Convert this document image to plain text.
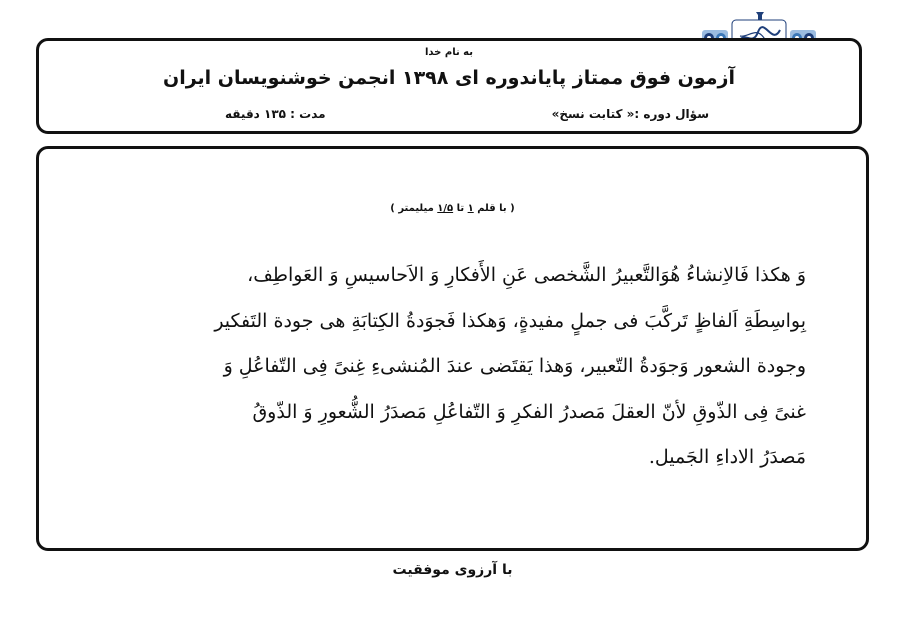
به نام خدا
آزمون فوق ممتاز پایاندوره ای ۱۳۹۸ انجمن خوشنویسان ایران
سؤال دوره :« کتابت نسخ»
مدت : ۱۳۵ دقیقه
( با قلم ۱ تا ۱/۵ میلیمتر )
وَ هکذا فَالاِنشاءُ هُوَالتَّعبیرُ الشَّخصی عَنِ الأَفکارِ وَ الاَحاسیسِ وَ العَواطِف،
بِواسِطَةِ اَلفاظٍ تَرکَّبَ فی جملٍ مفیدةٍ، وَهکذا فَجوَدةُ الکِتابَةِ هی جودة التَفکیر
وجودة الشعور وَجوَدةُ التّعبیر، وَهذا یَقتَضی عندَ المُنشیءِ غِنیً فِی التّفاعُلِ وَ
غنیً فِی الذّوقِ لأنّ العقلَ مَصدرُ الفکرِ وَ التّفاعُلِ مَصدَرُ الشُّعورِ وَ الذّوقُ
مَصدَرُ الاداءِ الجَمیل.
با آرزوی موفقیت
